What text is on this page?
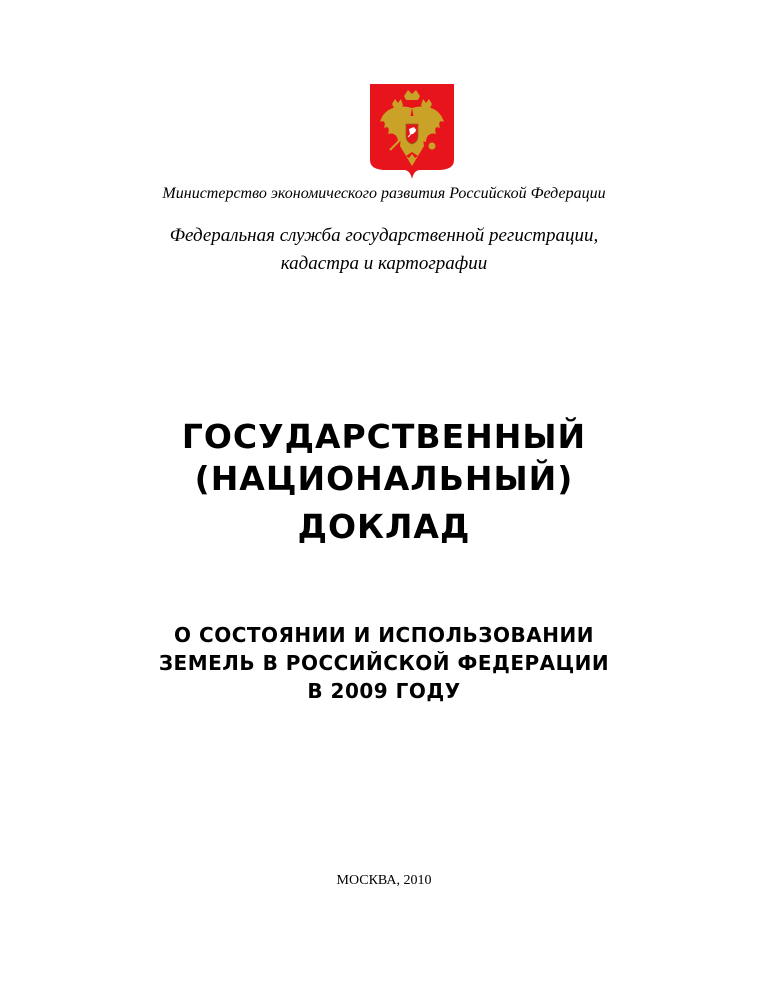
Министерство экономического развития Российской Федерации
Федеральная служба государственной регистрации,
кадастра и картографии
ГОСУДАРСТВЕННЫЙ
(НАЦИОНАЛЬНЫЙ)
ДОКЛАД
О СОСТОЯНИИ И ИСПОЛЬЗОВАНИИ
ЗЕМЕЛЬ В РОССИЙСКОЙ ФЕДЕРАЦИИ
В 2009 ГОДУ
МОСКВА, 2010
